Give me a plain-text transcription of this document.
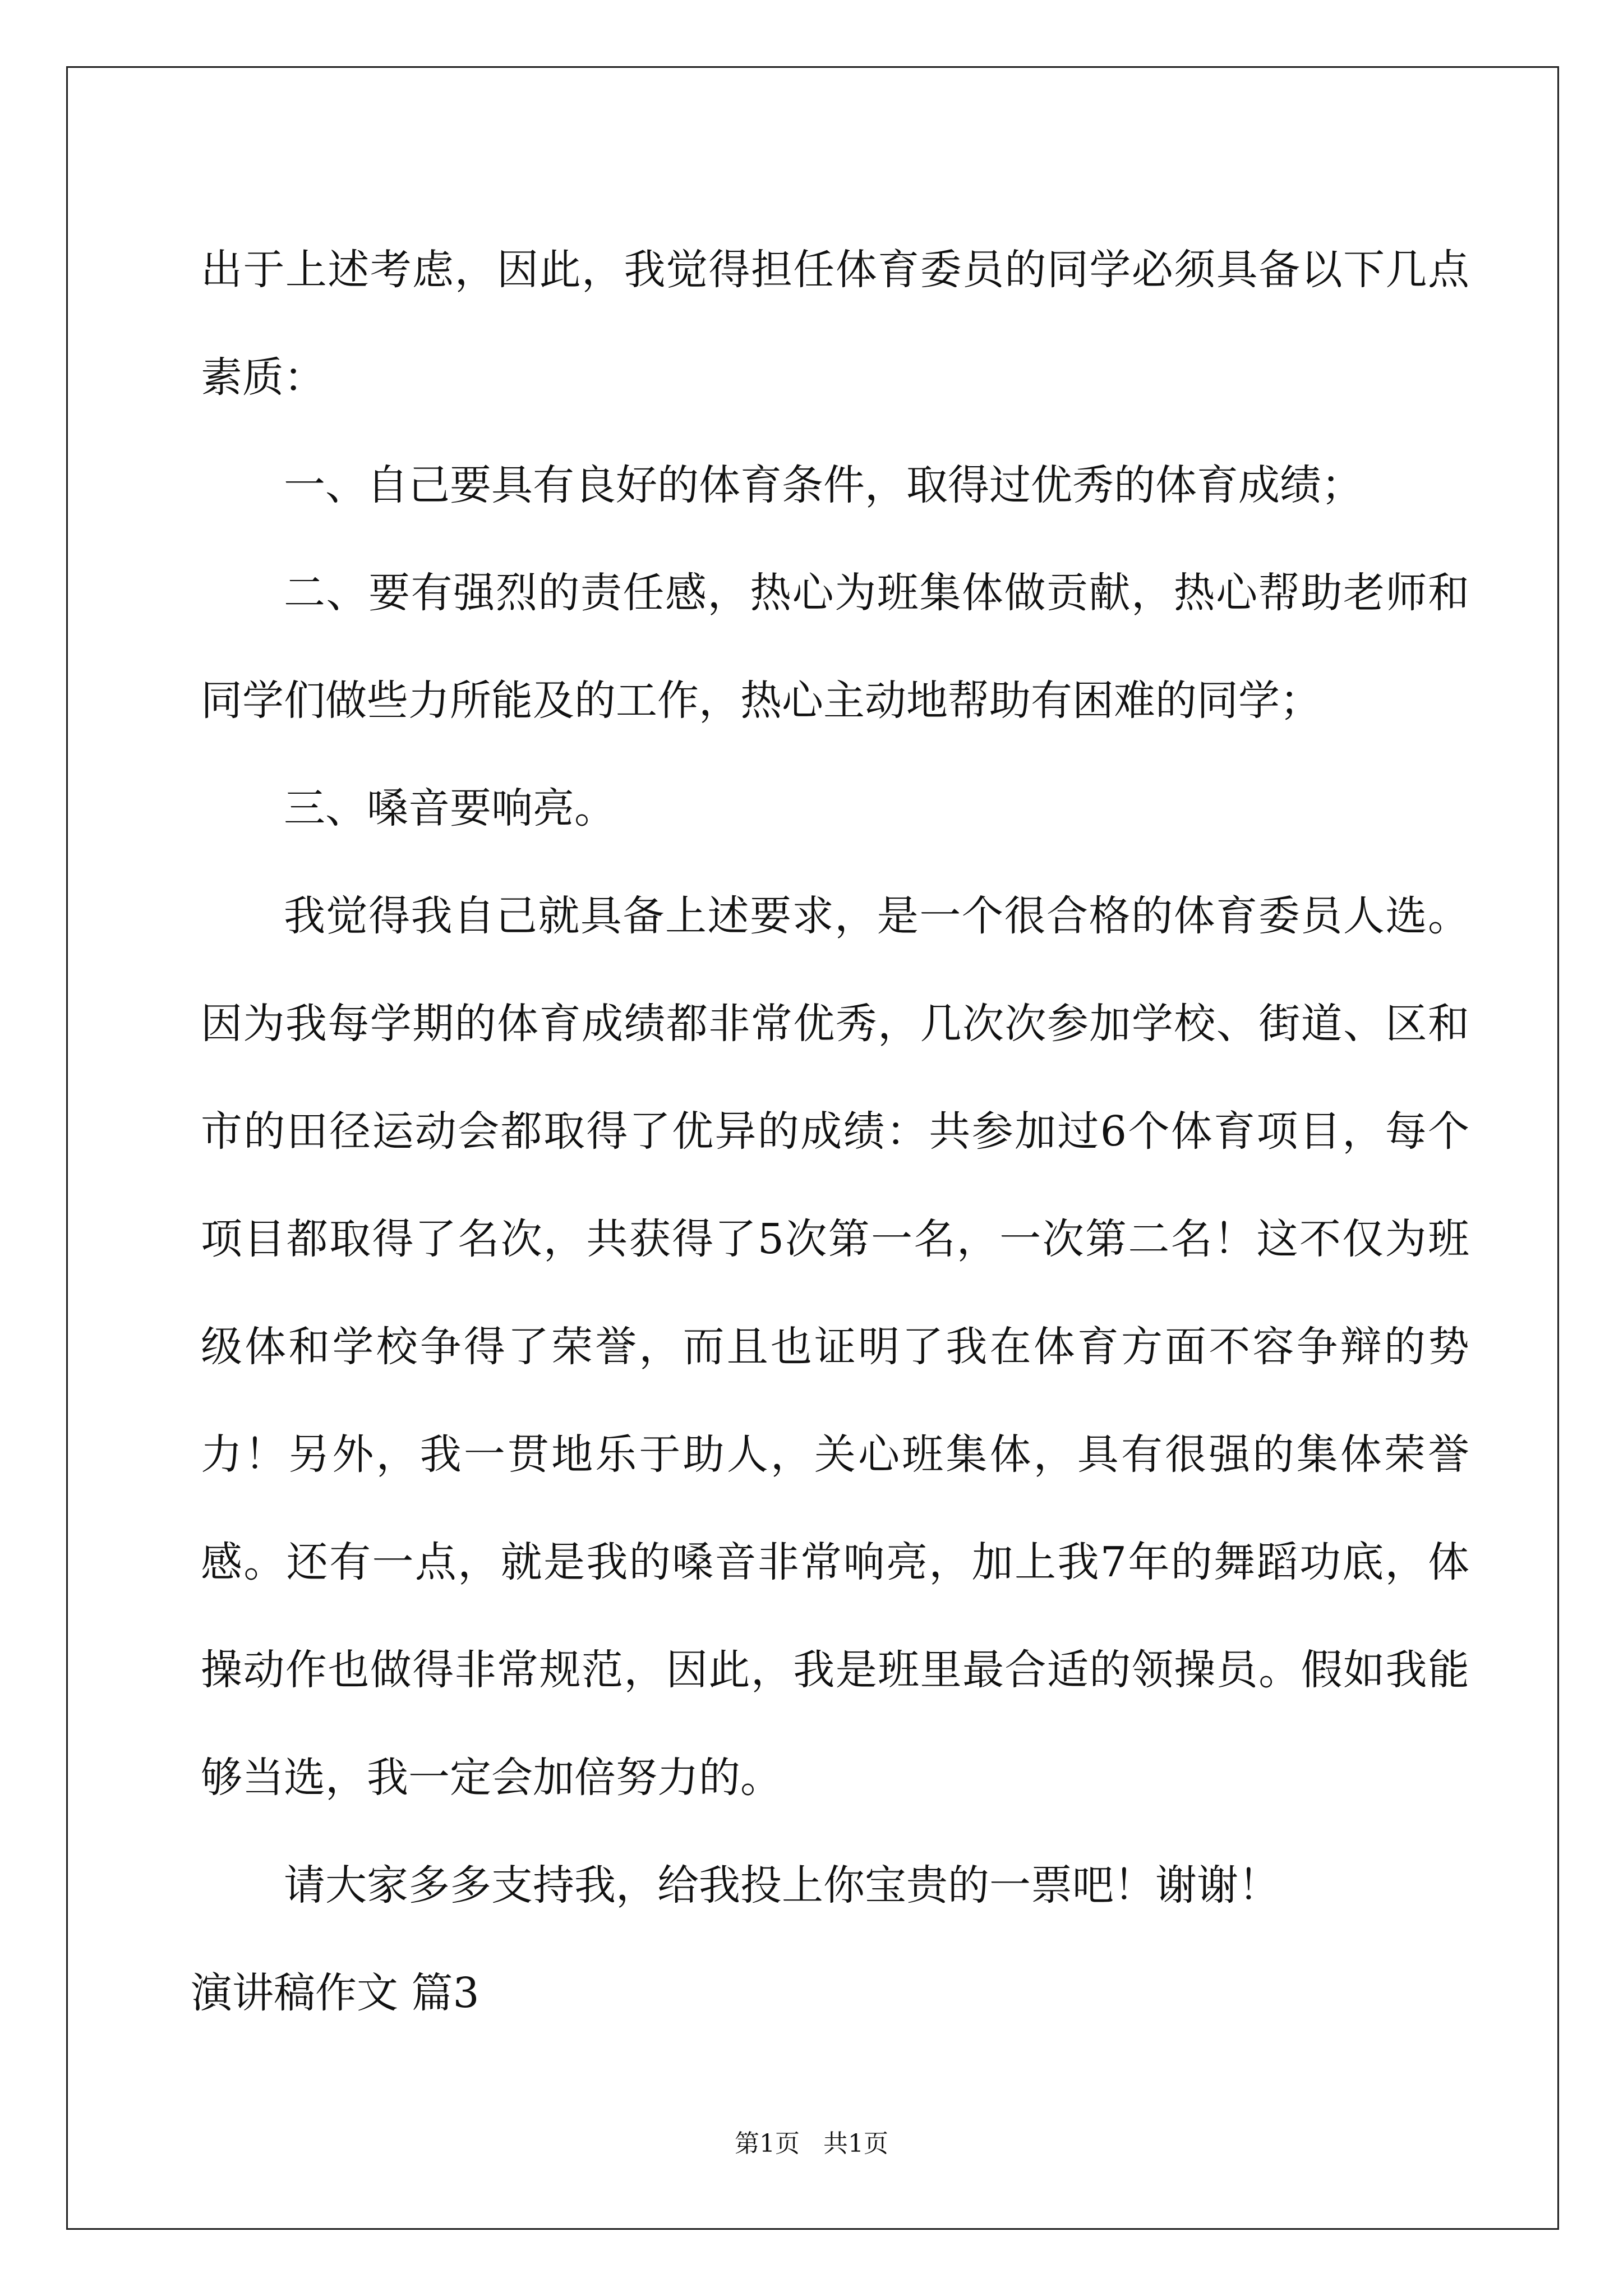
出于上述考虑，因此，我觉得担任体育委员的同学必须具备以下几点素质：

一、自己要具有良好的体育条件，取得过优秀的体育成绩；

二、要有强烈的责任感，热心为班集体做贡献，热心帮助老师和同学们做些力所能及的工作，热心主动地帮助有困难的同学；

三、嗓音要响亮。

我觉得我自己就具备上述要求，是一个很合格的体育委员人选。因为我每学期的体育成绩都非常优秀，几次次参加学校、街道、区和市的田径运动会都取得了优异的成绩：共参加过6个体育项目，每个项目都取得了名次，共获得了5次第一名，一次第二名！这不仅为班级体和学校争得了荣誉，而且也证明了我在体育方面不容争辩的势力！另外，我一贯地乐于助人，关心班集体，具有很强的集体荣誉感。还有一点，就是我的嗓音非常响亮，加上我7年的舞蹈功底，体操动作也做得非常规范，因此，我是班里最合适的领操员。假如我能够当选，我一定会加倍努力的。

请大家多多支持我，给我投上你宝贵的一票吧！谢谢！

演讲稿作文 篇3

第1页   共1页
